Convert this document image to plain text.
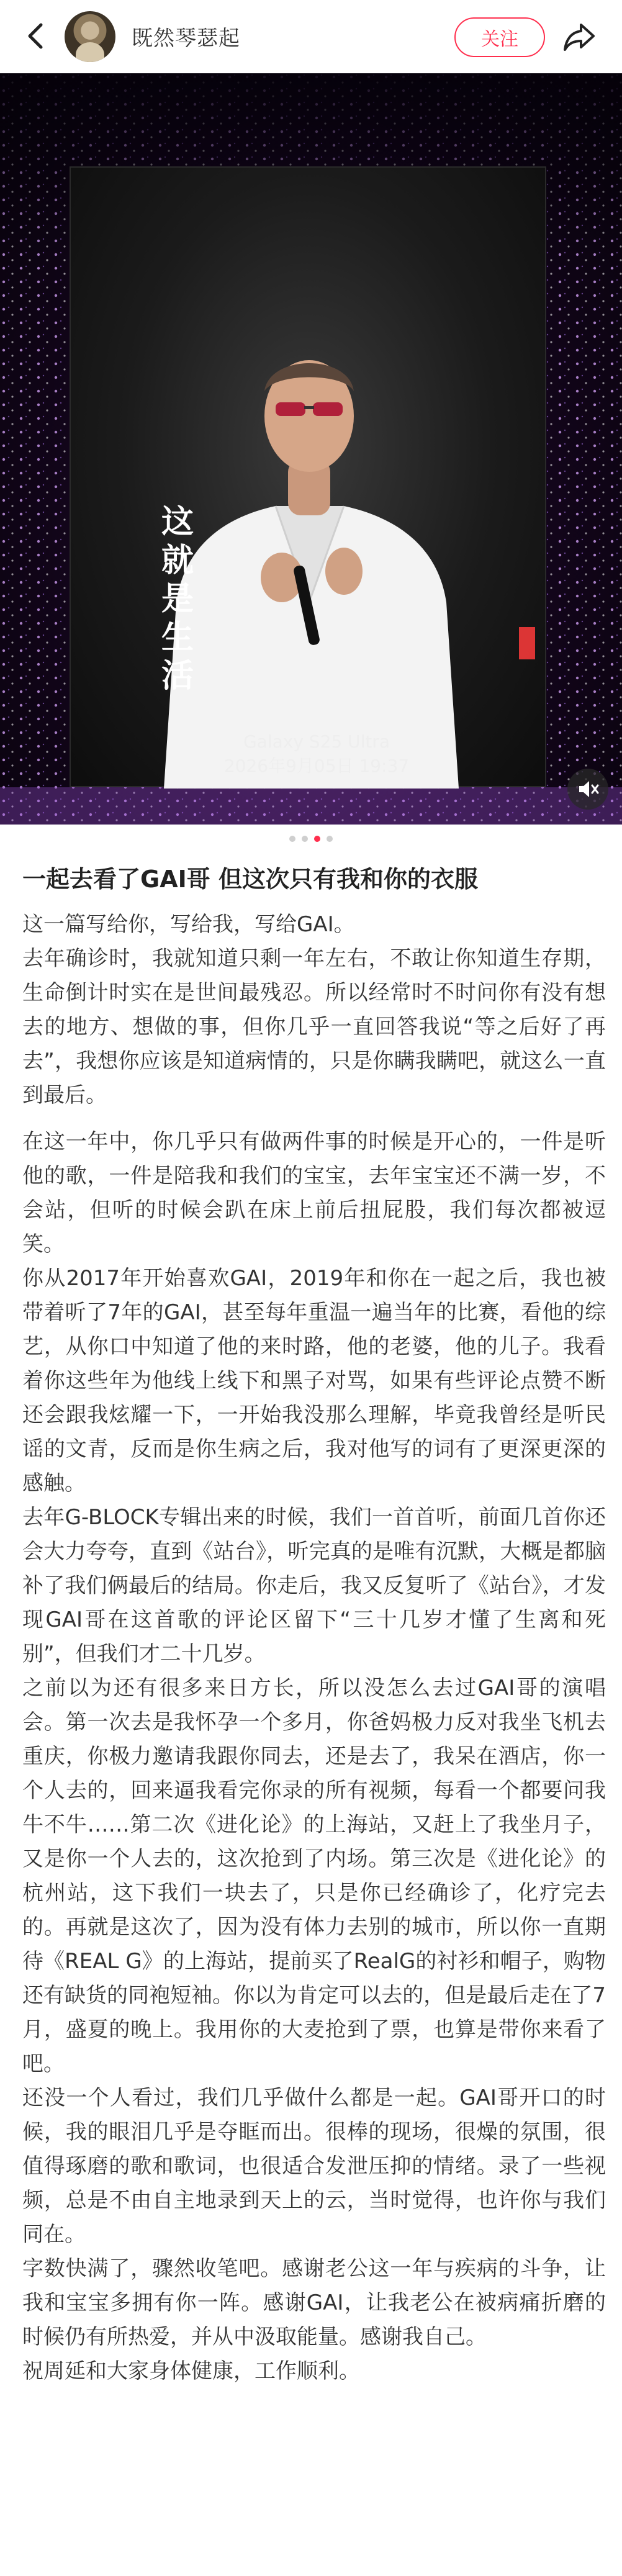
既然琴瑟起	关注
这就是生活
Galaxy S25 Ultra
2026年9月05日 19:37
一起去看了GAI哥 但这次只有我和你的衣服

这一篇写给你，写给我，写给GAI。

去年确诊时，我就知道只剩一年左右，不敢让你知道生存期，生命倒计时实在是世间最残忍。所以经常时不时问你有没有想去的地方、想做的事，但你几乎一直回答我说“等之后好了再去”，我想你应该是知道病情的，只是你瞒我瞒吧，就这么一直到最后。

在这一年中，你几乎只有做两件事的时候是开心的，一件是听他的歌，一件是陪我和我们的宝宝，去年宝宝还不满一岁，不会站，但听的时候会趴在床上前后扭屁股，我们每次都被逗笑。

你从2017年开始喜欢GAI，2019年和你在一起之后，我也被带着听了7年的GAI，甚至每年重温一遍当年的比赛，看他的综艺，从你口中知道了他的来时路，他的老婆，他的儿子。我看着你这些年为他线上线下和黑子对骂，如果有些评论点赞不断还会跟我炫耀一下，一开始我没那么理解，毕竟我曾经是听民谣的文青，反而是你生病之后，我对他写的词有了更深更深的感触。

去年G-BLOCK专辑出来的时候，我们一首首听，前面几首你还会大力夸夸，直到《站台》，听完真的是唯有沉默，大概是都脑补了我们俩最后的结局。你走后，我又反复听了《站台》，才发现GAI哥在这首歌的评论区留下“三十几岁才懂了生离和死别”，但我们才二十几岁。

之前以为还有很多来日方长，所以没怎么去过GAI哥的演唱会。第一次去是我怀孕一个多月，你爸妈极力反对我坐飞机去重庆，你极力邀请我跟你同去，还是去了，我呆在酒店，你一个人去的，回来逼我看完你录的所有视频，每看一个都要问我牛不牛……第二次《进化论》的上海站，又赶上了我坐月子，又是你一个人去的，这次抢到了内场。第三次是《进化论》的杭州站，这下我们一块去了，只是你已经确诊了，化疗完去的。再就是这次了，因为没有体力去别的城市，所以你一直期待《REAL G》的上海站，提前买了RealG的衬衫和帽子，购物还有缺货的同袍短袖。你以为肯定可以去的，但是最后走在了7月，盛夏的晚上。我用你的大麦抢到了票，也算是带你来看了吧。

还没一个人看过，我们几乎做什么都是一起。GAI哥开口的时候，我的眼泪几乎是夺眶而出。很棒的现场，很燥的氛围，很值得琢磨的歌和歌词，也很适合发泄压抑的情绪。录了一些视频，总是不由自主地录到天上的云，当时觉得，也许你与我们同在。

字数快满了，骤然收笔吧。感谢老公这一年与疾病的斗争，让我和宝宝多拥有你一阵。感谢GAI，让我老公在被病痛折磨的时候仍有所热爱，并从中汲取能量。感谢我自己。

祝周延和大家身体健康，工作顺利。
